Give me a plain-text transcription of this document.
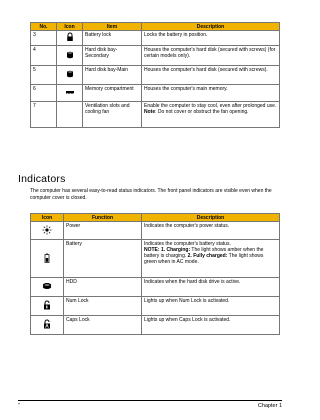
No.	Icon	Item	Description
3		Battery lock	Locks the battery in position.
4		Hard disk bay-Secondary	Houses the computer's hard disk (secured with screws) (for certain models only).
5		Hard disk bay-Main	Houses the computer's hard disk (secured with screws).
6		Memory compartment	Houses the computer's main memory.
7		Ventilation slots and cooling fan	Enable the computer to stay cool, even after prolonged use.
Note: Do not cover or obstruct the fan opening.
Indicators
The computer has several easy-to-read status indicators. The front panel indicators are visible even when the computer cover is closed.
Icon	Function	Description

	Power	Indicates the computer's power status.

	Battery	Indicates the computer's battery status.
NOTE: 1. Charging: The light shows amber when the battery is charging. 2. Fully charged: The light shows green when in AC mode.

	HDD	Indicates when the hard disk drive is active.

	Num Lock	Lights up when Num Lock is activated.

	Caps Lock	Lights up when Caps Lock is activated.
"	Chapter 1
